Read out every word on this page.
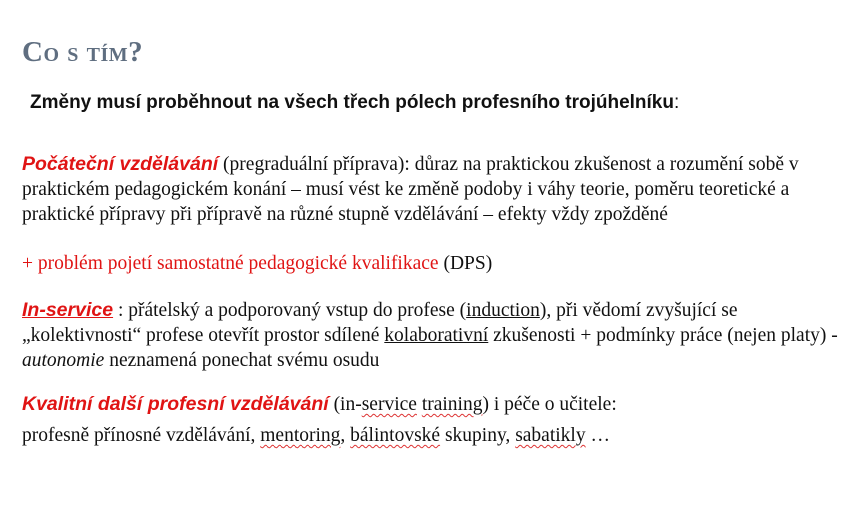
Co s tím?
Změny musí proběhnout na všech třech pólech profesního trojúhelníku:
Počáteční vzdělávání (pregraduální příprava): důraz na praktickou zkušenost a rozumění sobě v praktickém pedagogickém konání – musí vést ke změně podoby i váhy teorie, poměru teoretické a praktické přípravy při přípravě na různé stupně vzdělávání – efekty vždy zpožděné
+ problém pojetí samostatné pedagogické kvalifikace (DPS)
In-service : přátelský a podporovaný vstup do profese (induction), při vědomí zvyšující se „kolektivnosti“ profese otevřít prostor sdílené kolaborativní zkušenosti + podmínky práce (nejen platy) - autonomie neznamená ponechat svému osudu
Kvalitní další profesní vzdělávání (in-service training) i péče o učitele:
profesně přínosné vzdělávání, mentoring, bálintovské skupiny, sabatikly …
